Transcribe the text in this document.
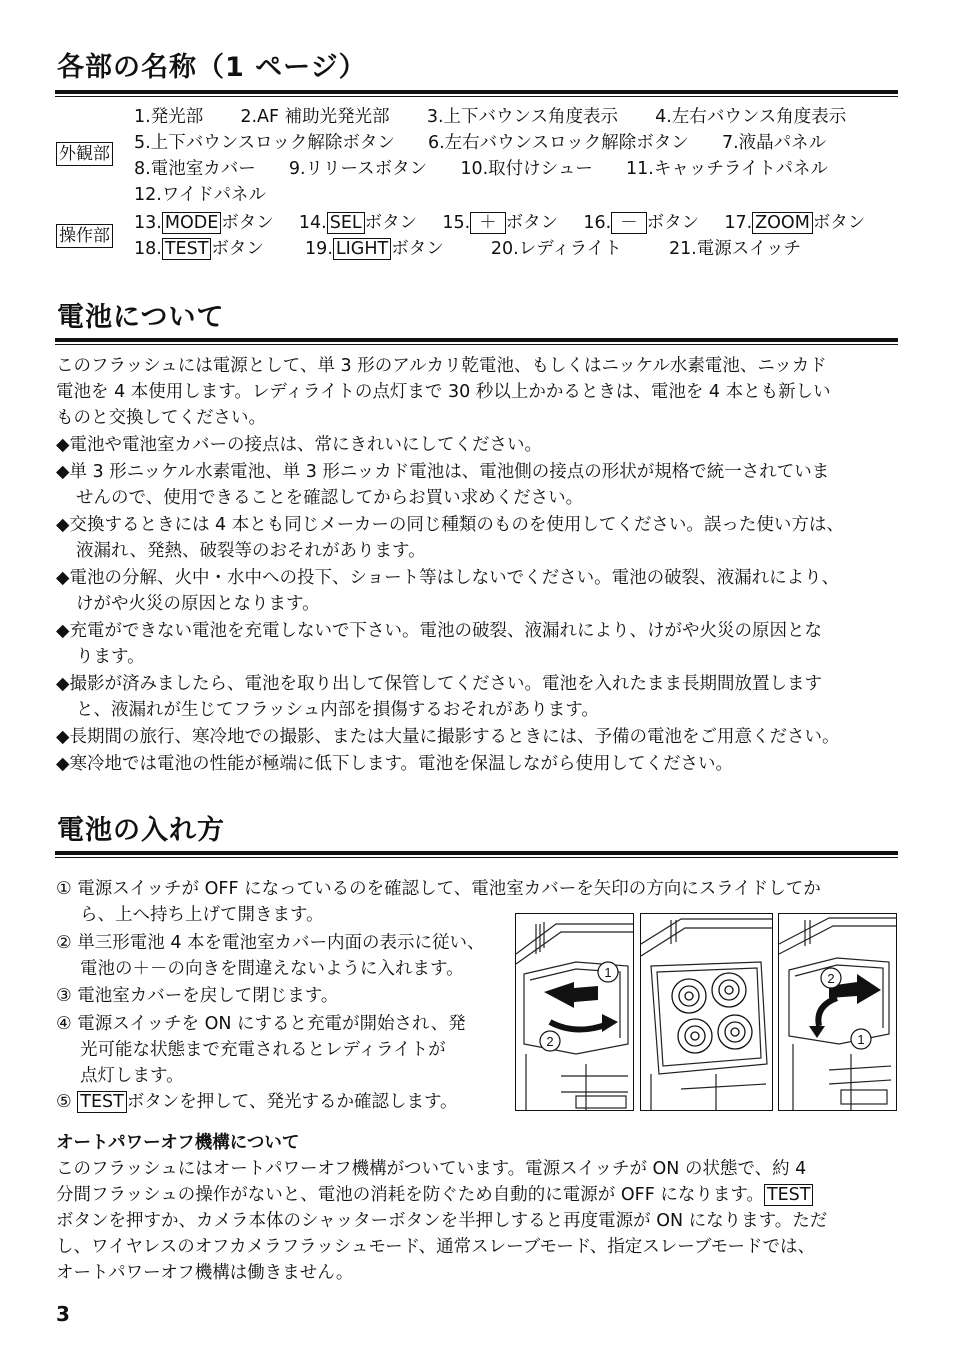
各部の名称（1 ページ）
外観部
1.発光部 2.AF 補助光発光部 3.上下バウンス角度表示 4.左右バウンス角度表示
5.上下バウンスロック解除ボタン 6.左右バウンスロック解除ボタン 7.液晶パネル
8.電池室カバー 9.リリースボタン 10.取付けシュー 11.キャッチライトパネル
12.ワイドパネル
操作部
13. MODE ボタン 14. SEL ボタン 15. ＋ ボタン 16. － ボタン 17. ZOOM ボタン
18. TEST ボタン 19. LIGHT ボタン	20.レディライト	21.電源スイッチ
電池について
このフラッシュには電源として、単 3 形のアルカリ乾電池、もしくはニッケル水素電池、ニッカド
電池を 4 本使用します。レディライトの点灯まで 30 秒以上かかるときは、電池を 4 本とも新しい
ものと交換してください。
◆電池や電池室カバーの接点は、常にきれいにしてください。
◆単 3 形ニッケル水素電池、単 3 形ニッカド電池は、電池側の接点の形状が規格で統一されていま
せんので、使用できることを確認してからお買い求めください。
◆交換するときには 4 本とも同じメーカーの同じ種類のものを使用してください。誤った使い方は、
液漏れ、発熱、破裂等のおそれがあります。
◆電池の分解、火中・水中への投下、ショート等はしないでください。電池の破裂、液漏れにより、
けがや火災の原因となります。
◆充電ができない電池を充電しないで下さい。電池の破裂、液漏れにより、けがや火災の原因とな
ります。
◆撮影が済みましたら、電池を取り出して保管してください。電池を入れたまま長期間放置します
と、液漏れが生じてフラッシュ内部を損傷するおそれがあります。
◆長期間の旅行、寒冷地での撮影、または大量に撮影するときには、予備の電池をご用意ください。
◆寒冷地では電池の性能が極端に低下します。電池を保温しながら使用してください。
電池の入れ方
① 電源スイッチが OFF になっているのを確認して、電池室カバーを矢印の方向にスライドしてか
ら、上へ持ち上げて開きます。
② 単三形電池 4 本を電池室カバー内面の表示に従い、
電池の＋－の向きを間違えないように入れます。
③ 電池室カバーを戻して閉じます。
④ 電源スイッチを ON にすると充電が開始され、発
光可能な状態まで充電されるとレディライトが
点灯します。
⑤ TEST ボタンを押して、発光するか確認します。
1
2
2
1
オートパワーオフ機構について
このフラッシュにはオートパワーオフ機構がついています。電源スイッチが ON の状態で、約 4
分間フラッシュの操作がないと、電池の消耗を防ぐため自動的に電源が OFF になります。 TEST
ボタンを押すか、カメラ本体のシャッターボタンを半押しすると再度電源が ON になります。ただ
し、ワイヤレスのオフカメラフラッシュモード、通常スレーブモード、指定スレーブモードでは、
オートパワーオフ機構は働きません。
3
